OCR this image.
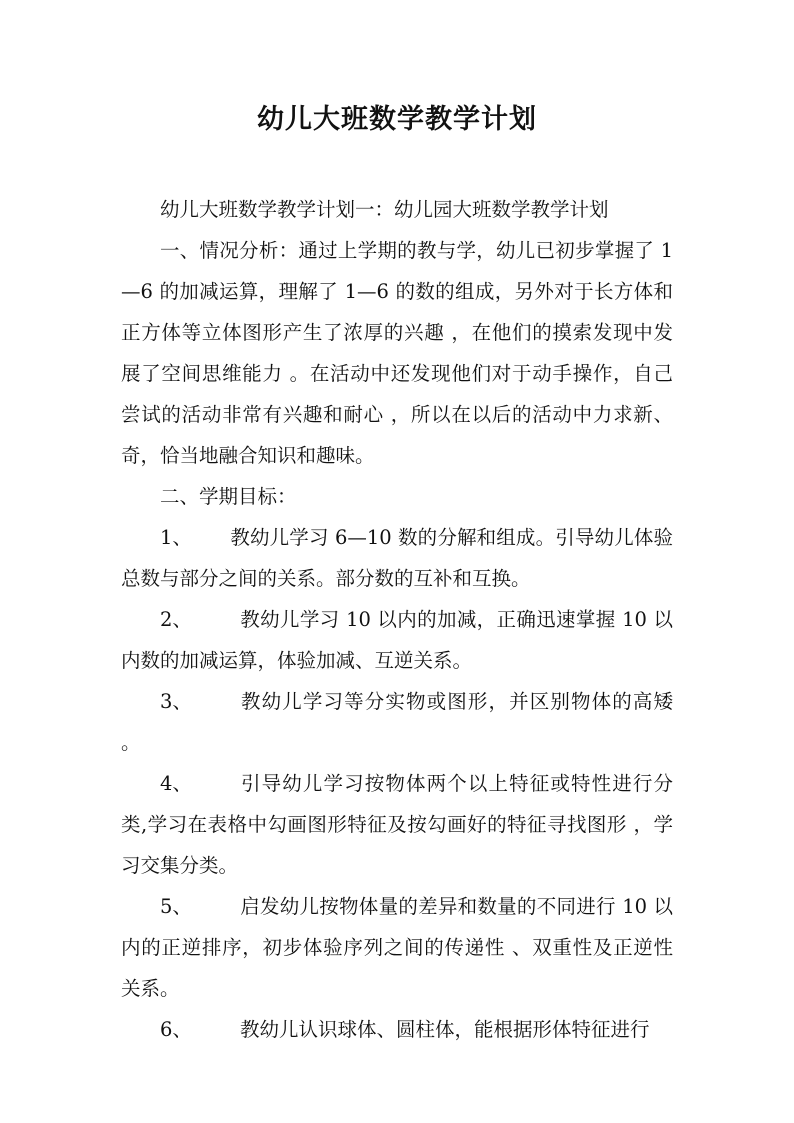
幼儿大班数学教学计划

幼儿大班数学教学计划一：幼儿园大班数学教学计划

一、情况分析：通过上学期的教与学，幼儿已初步掌握了 1—6 的加减运算，理解了 1—6 的数的组成，另外对于长方体和正方体等立体图形产生了浓厚的兴趣 ，在他们的摸索发现中发展了空间思维能力 。在活动中还发现他们对于动手操作，自己尝试的活动非常有兴趣和耐心 ，所以在以后的活动中力求新、奇，恰当地融合知识和趣味。

二、学期目标：

1、 教幼儿学习 6—10 数的分解和组成。引导幼儿体验总数与部分之间的关系。部分数的互补和互换。

2、 教幼儿学习 10 以内的加减，正确迅速掌握 10 以内数的加减运算，体验加减、互逆关系。

3、 教幼儿学习等分实物或图形，并区别物体的高矮 。

4、 引导幼儿学习按物体两个以上特征或特性进行分类,学习在表格中勾画图形特征及按勾画好的特征寻找图形 ，学习交集分类。

5、 启发幼儿按物体量的差异和数量的不同进行 10 以内的正逆排序，初步体验序列之间的传递性 、双重性及正逆性关系。

6、 教幼儿认识球体、圆柱体，能根据形体特征进行
